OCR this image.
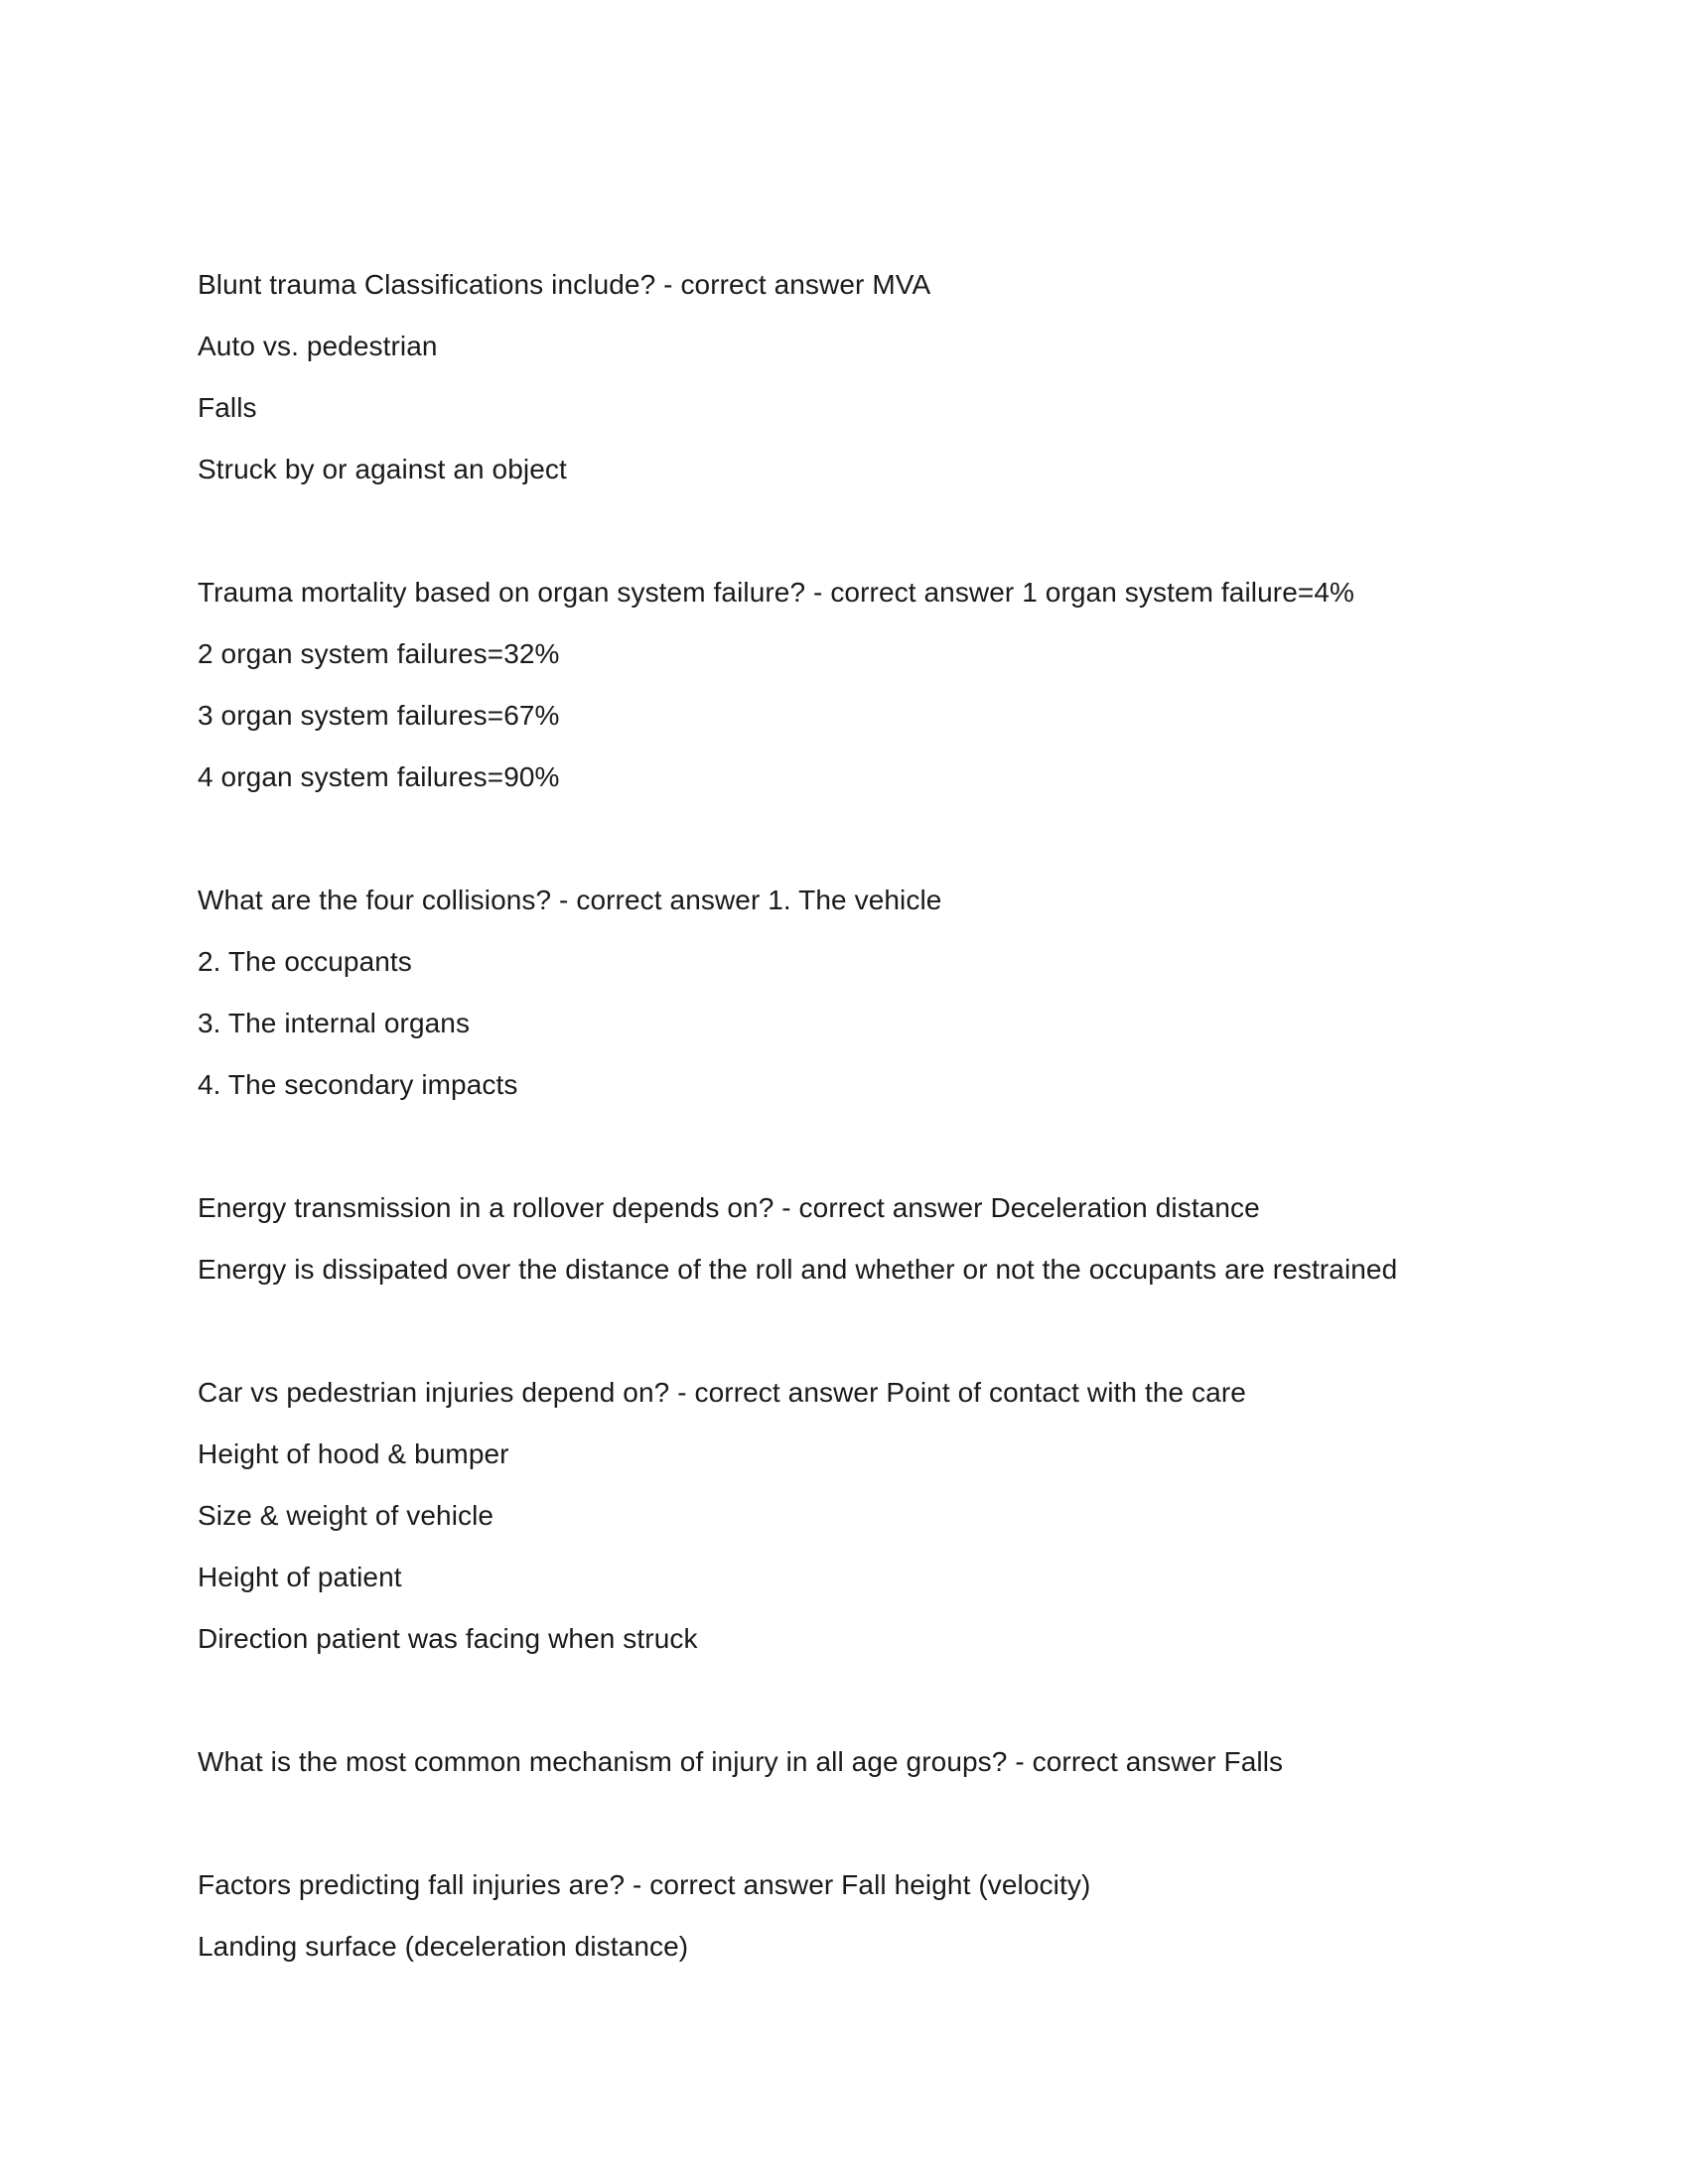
Blunt trauma Classifications include? - correct answer MVA
Auto vs. pedestrian
Falls
Struck by or against an object
Trauma mortality based on organ system failure? - correct answer 1 organ system failure=4%
2 organ system failures=32%
3 organ system failures=67%
4 organ system failures=90%
What are the four collisions? - correct answer 1. The vehicle
2. The occupants
3. The internal organs
4. The secondary impacts
Energy transmission in a rollover depends on? - correct answer Deceleration distance
Energy is dissipated over the distance of the roll and whether or not the occupants are restrained
Car vs pedestrian injuries depend on? - correct answer Point of contact with the care
Height of hood & bumper
Size & weight of vehicle
Height of patient
Direction patient was facing when struck
What is the most common mechanism of injury in all age groups? - correct answer Falls
Factors predicting fall injuries are? - correct answer Fall height (velocity)
Landing surface (deceleration distance)
